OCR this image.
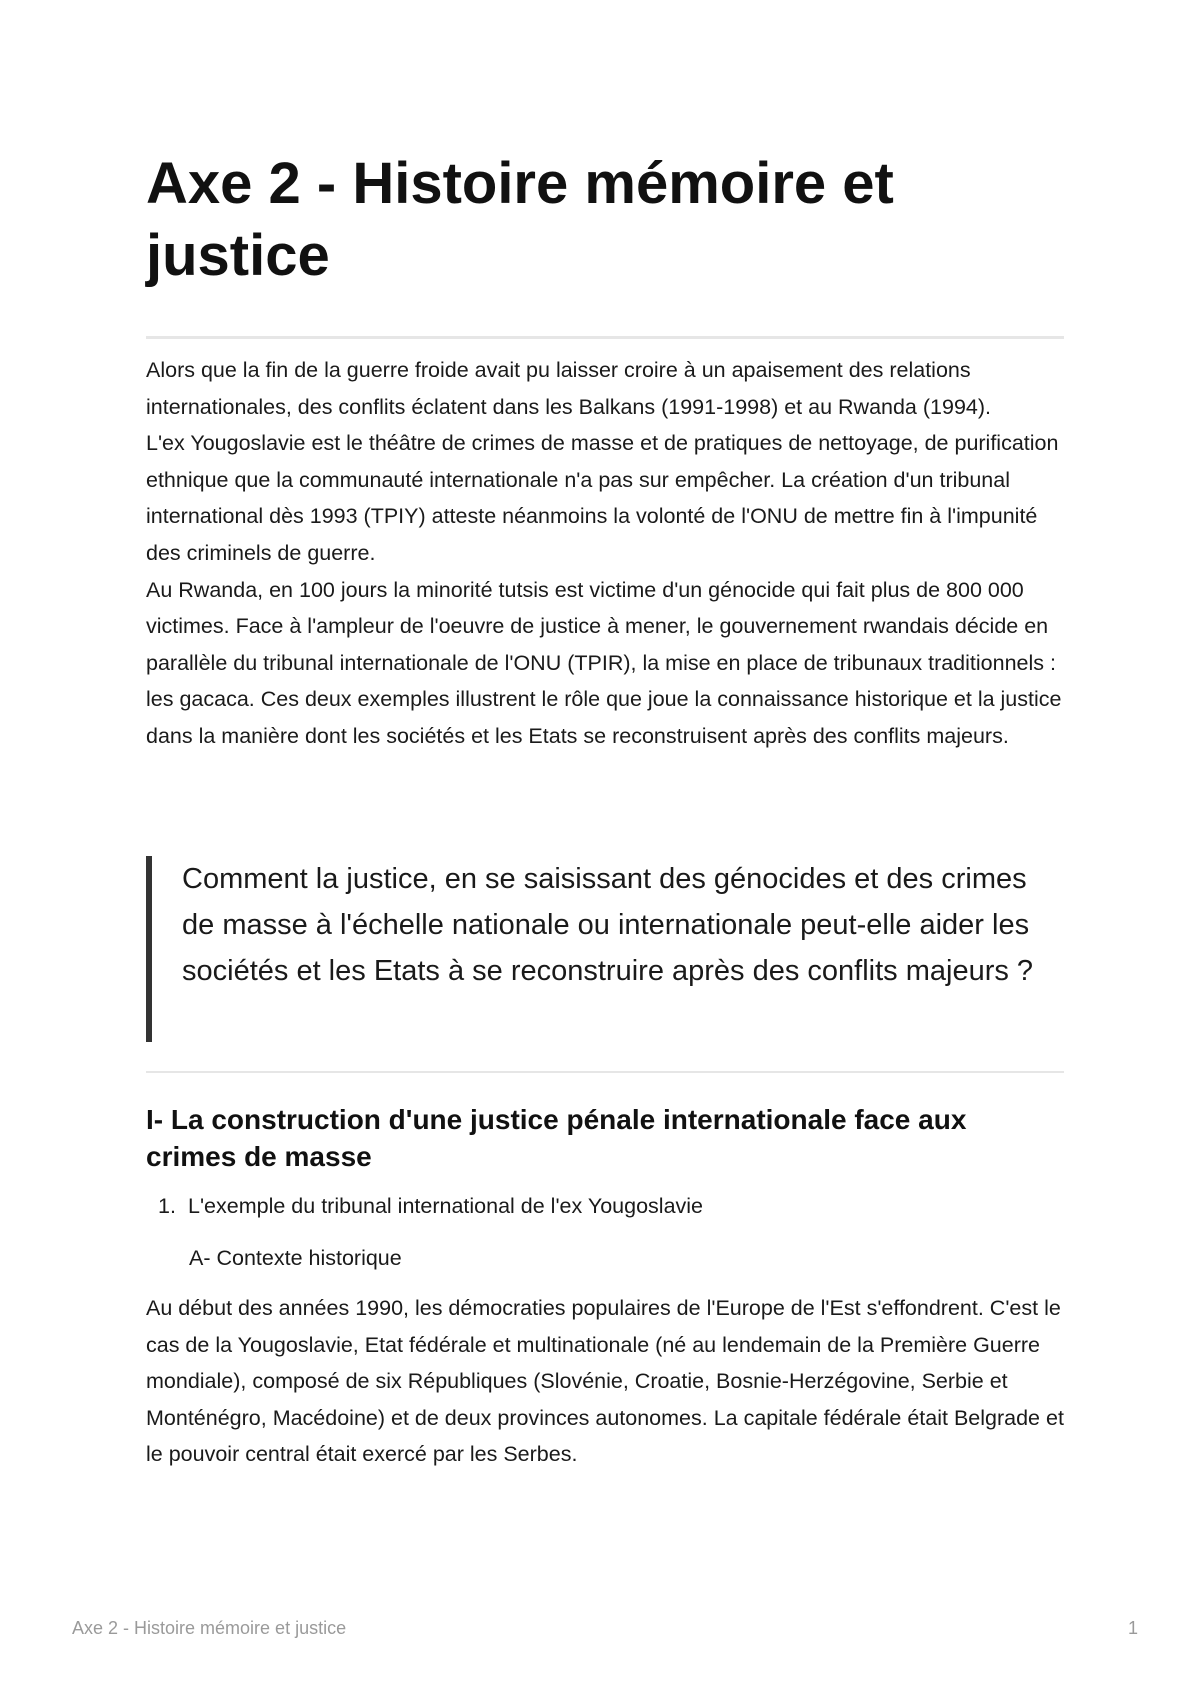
Axe 2 - Histoire mémoire et justice

Alors que la fin de la guerre froide avait pu laisser croire à un apaisement des relations internationales, des conflits éclatent dans les Balkans (1991-1998) et au Rwanda (1994).

L'ex Yougoslavie est le théâtre de crimes de masse et de pratiques de nettoyage, de purification ethnique que la communauté internationale n'a pas sur empêcher. La création d'un tribunal international dès 1993 (TPIY) atteste néanmoins la volonté de l'ONU de mettre fin à l'impunité des criminels de guerre.

Au Rwanda, en 100 jours la minorité tutsis est victime d'un génocide qui fait plus de 800 000 victimes. Face à l'ampleur de l'oeuvre de justice à mener, le gouvernement rwandais décide en parallèle du tribunal internationale de l'ONU (TPIR), la mise en place de tribunaux traditionnels : les gacaca. Ces deux exemples illustrent le rôle que joue la connaissance historique et la justice dans la manière dont les sociétés et les Etats se reconstruisent après des conflits majeurs.

Comment la justice, en se saisissant des génocides et des crimes de masse à l'échelle nationale ou internationale peut-elle aider les sociétés et les Etats à se reconstruire après des conflits majeurs ?

I- La construction d'une justice pénale internationale face aux crimes de masse
1. L'exemple du tribunal international de l'ex Yougoslavie
A- Contexte historique

Au début des années 1990, les démocraties populaires de l'Europe de l'Est s'effondrent. C'est le cas de la Yougoslavie, Etat fédérale et multinationale (né au lendemain de la Première Guerre mondiale), composé de six Républiques (Slovénie, Croatie, Bosnie-Herzégovine, Serbie et Monténégro, Macédoine) et de deux provinces autonomes. La capitale fédérale était Belgrade et le pouvoir central était exercé par les Serbes.

Axe 2 - Histoire mémoire et justice	1
